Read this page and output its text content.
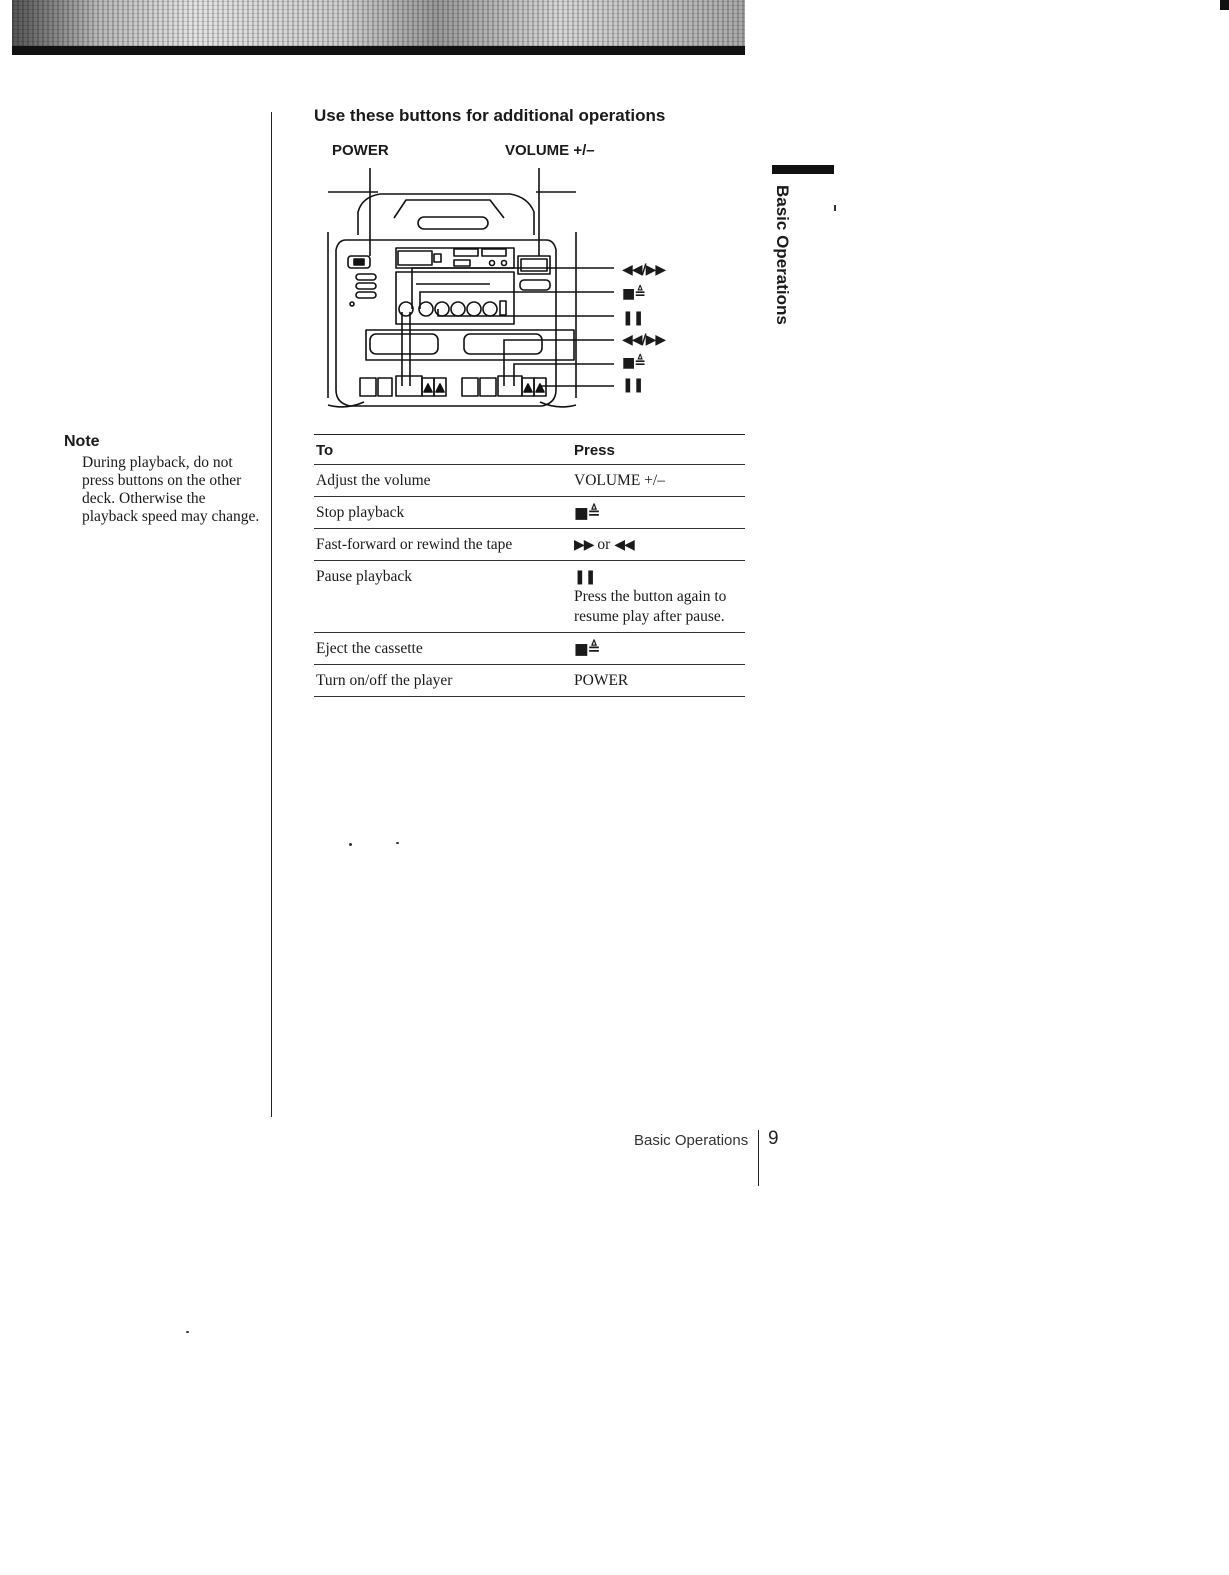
Note

During playback, do not press buttons on the other deck. Otherwise the playback speed may change.

Use these buttons for additional operations
POWER	VOLUME +/–
◀◀/▶▶
■≜
❚❚
◀◀/▶▶
■≜
❚❚
Basic Operations
To	Press
Adjust the volume	VOLUME +/–
Stop playback	■≜
Fast-forward or rewind the tape	▶▶ or ◀◀
Pause playback	❚❚
Press the button again to resume play after pause.

Eject the cassette	■≜
Turn on/off the player	POWER
Basic Operations 9
